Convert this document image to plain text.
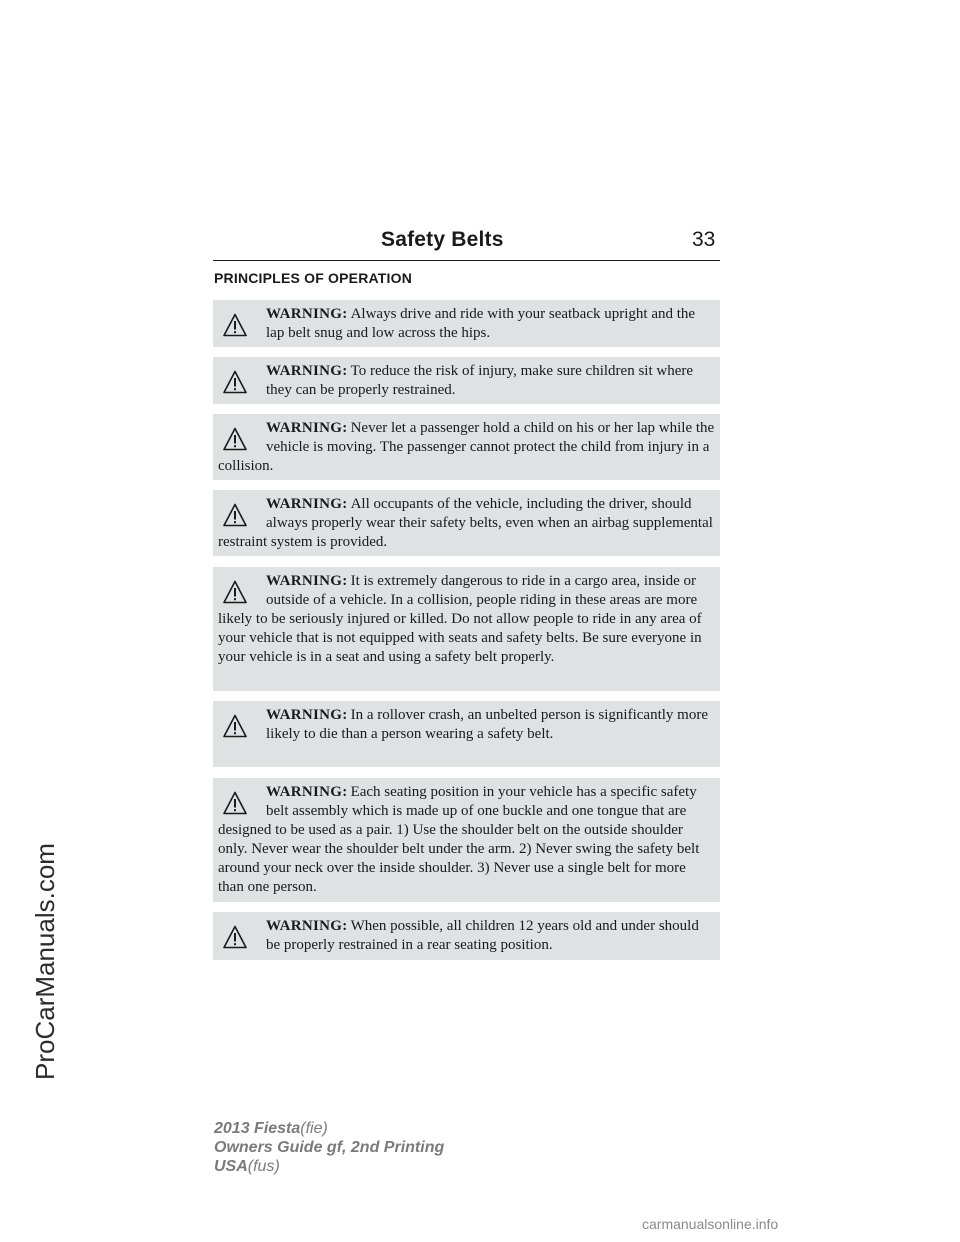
Safety Belts	33
PRINCIPLES OF OPERATION
WARNING: Always drive and ride with your seatback upright and the lap belt snug and low across the hips.
WARNING: To reduce the risk of injury, make sure children sit where they can be properly restrained.
WARNING: Never let a passenger hold a child on his or her lap while the vehicle is moving. The passenger cannot protect the child from injury in a collision.
WARNING: All occupants of the vehicle, including the driver, should always properly wear their safety belts, even when an airbag supplemental restraint system is provided.
WARNING: It is extremely dangerous to ride in a cargo area, inside or outside of a vehicle. In a collision, people riding in these areas are more likely to be seriously injured or killed. Do not allow people to ride in any area of your vehicle that is not equipped with seats and safety belts. Be sure everyone in your vehicle is in a seat and using a safety belt properly.
WARNING: In a rollover crash, an unbelted person is significantly more likely to die than a person wearing a safety belt.
WARNING: Each seating position in your vehicle has a specific safety belt assembly which is made up of one buckle and one tongue that are designed to be used as a pair. 1) Use the shoulder belt on the outside shoulder only. Never wear the shoulder belt under the arm. 2) Never swing the safety belt around your neck over the inside shoulder. 3) Never use a single belt for more than one person.
WARNING: When possible, all children 12 years old and under should be properly restrained in a rear seating position.
ProCarManuals.com
2013 Fiesta(fie)
Owners Guide gf, 2nd Printing
USA(fus)
carmanualsonline.info
